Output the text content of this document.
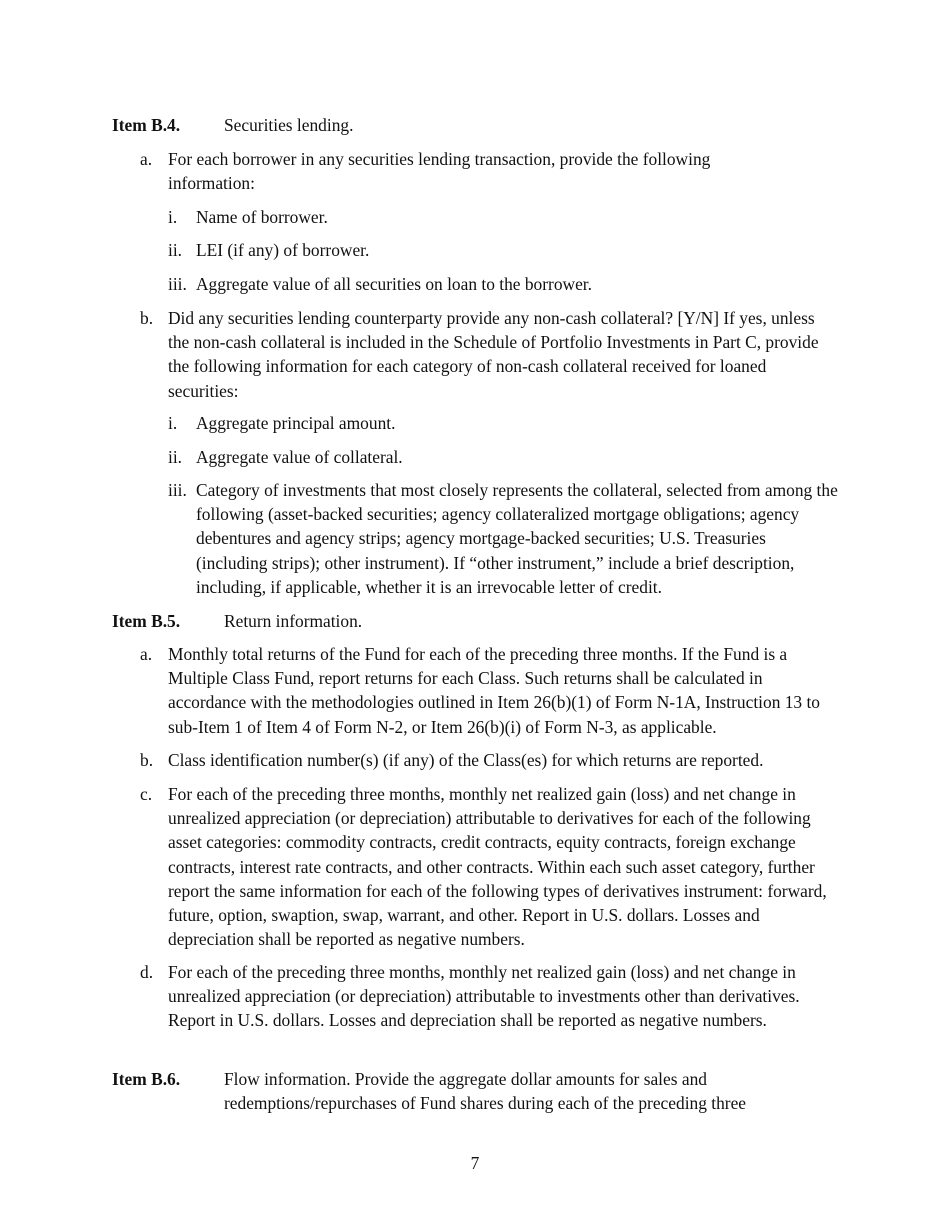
Item B.4.	Securities lending.
a. For each borrower in any securities lending transaction, provide the following information:
i. Name of borrower.
ii. LEI (if any) of borrower.
iii. Aggregate value of all securities on loan to the borrower.
b. Did any securities lending counterparty provide any non-cash collateral? [Y/N] If yes, unless the non-cash collateral is included in the Schedule of Portfolio Investments in Part C, provide the following information for each category of non-cash collateral received for loaned securities:
i. Aggregate principal amount.
ii. Aggregate value of collateral.
iii. Category of investments that most closely represents the collateral, selected from among the following (asset-backed securities; agency collateralized mortgage obligations; agency debentures and agency strips; agency mortgage-backed securities; U.S. Treasuries (including strips); other instrument). If “other instrument,” include a brief description, including, if applicable, whether it is an irrevocable letter of credit.
Item B.5.	Return information.
a. Monthly total returns of the Fund for each of the preceding three months. If the Fund is a Multiple Class Fund, report returns for each Class. Such returns shall be calculated in accordance with the methodologies outlined in Item 26(b)(1) of Form N-1A, Instruction 13 to sub-Item 1 of Item 4 of Form N-2, or Item 26(b)(i) of Form N-3, as applicable.
b. Class identification number(s) (if any) of the Class(es) for which returns are reported.
c. For each of the preceding three months, monthly net realized gain (loss) and net change in unrealized appreciation (or depreciation) attributable to derivatives for each of the following asset categories: commodity contracts, credit contracts, equity contracts, foreign exchange contracts, interest rate contracts, and other contracts. Within each such asset category, further report the same information for each of the following types of derivatives instrument: forward, future, option, swaption, swap, warrant, and other. Report in U.S. dollars. Losses and depreciation shall be reported as negative numbers.
d. For each of the preceding three months, monthly net realized gain (loss) and net change in unrealized appreciation (or depreciation) attributable to investments other than derivatives. Report in U.S. dollars. Losses and depreciation shall be reported as negative numbers.
Item B.6.	Flow information. Provide the aggregate dollar amounts for sales and redemptions/repurchases of Fund shares during each of the preceding three
7
